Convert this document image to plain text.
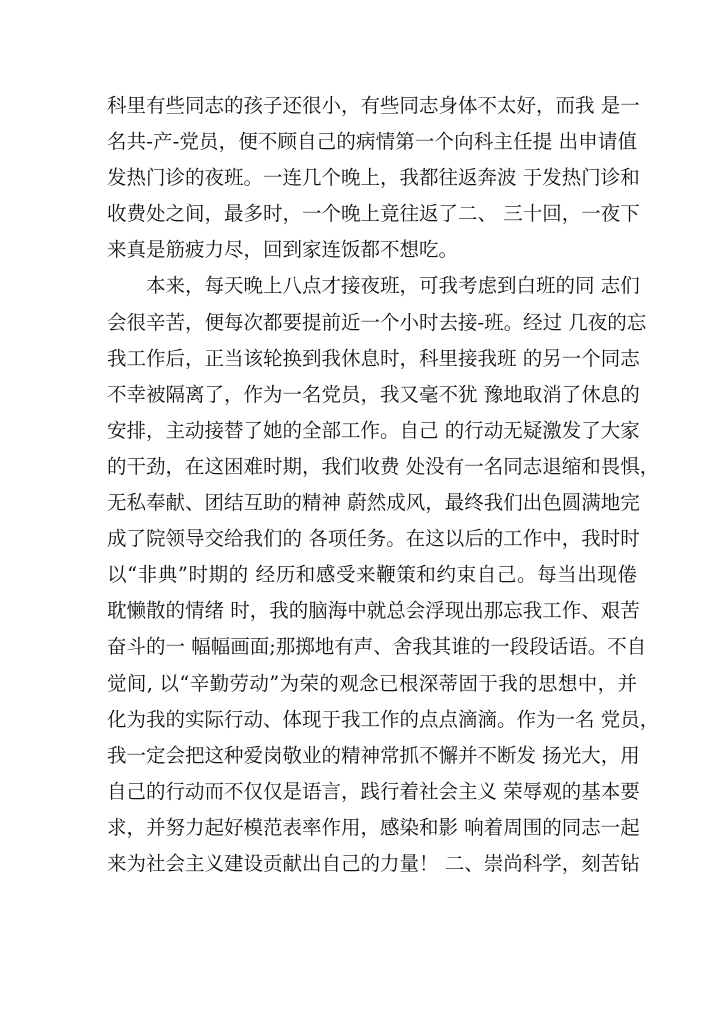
科里有些同志的孩子还很小，有些同志身体不太好，而我 是一
名共-产-党员，便不顾自己的病情第一个向科主任提 出申请值
发热门诊的夜班。一连几个晚上，我都往返奔波 于发热门诊和
收费处之间，最多时，一个晚上竟往返了二、 三十回，一夜下
来真是筋疲力尽，回到家连饭都不想吃。
本来，每天晚上八点才接夜班，可我考虑到白班的同 志们
会很辛苦，便每次都要提前近一个小时去接-班。经过 几夜的忘
我工作后，正当该轮换到我休息时，科里接我班 的另一个同志
不幸被隔离了，作为一名党员，我又毫不犹 豫地取消了休息的
安排，主动接替了她的全部工作。自己 的行动无疑激发了大家
的干劲，在这困难时期，我们收费 处没有一名同志退缩和畏惧，
无私奉献、团结互助的精神 蔚然成风，最终我们出色圆满地完
成了院领导交给我们的 各项任务。在这以后的工作中，我时时
以“非典”时期的 经历和感受来鞭策和约束自己。每当出现倦
耽懒散的情绪 时，我的脑海中就总会浮现出那忘我工作、艰苦
奋斗的一 幅幅画面;那掷地有声、舍我其谁的一段段话语。不自
觉间, 以“辛勤劳动”为荣的观念已根深蒂固于我的思想中，并
化为我的实际行动、体现于我工作的点点滴滴。作为一名 党员，
我一定会把这种爱岗敬业的精神常抓不懈并不断发 扬光大，用
自己的行动而不仅仅是语言，践行着社会主义 荣辱观的基本要
求，并努力起好模范表率作用，感染和影 响着周围的同志一起
来为社会主义建设贡献出自己的力量！ 二、崇尚科学，刻苦钻
